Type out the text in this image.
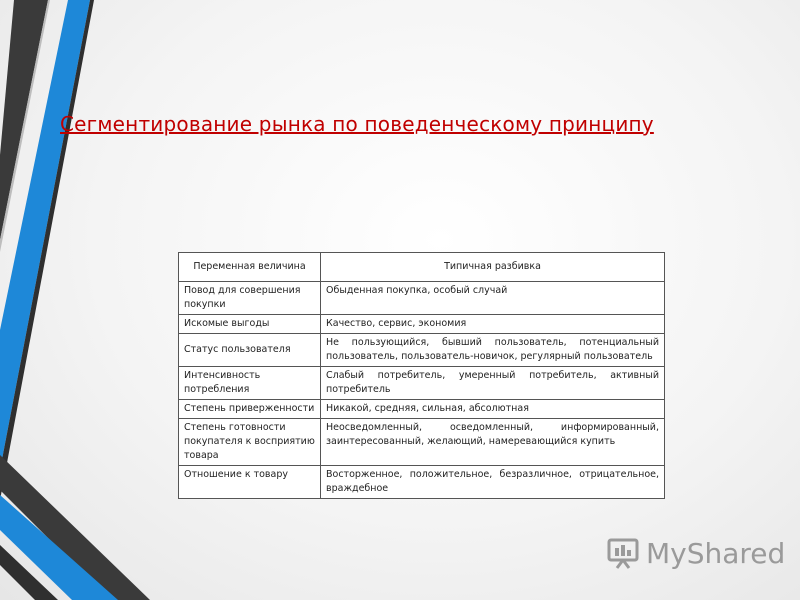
Сегментирование рынка по поведенческому принципу
Переменная величина	Типичная разбивка
Повод для совершения покупки	Обыденная покупка, особый случай
Искомые выгоды	Качество, сервис, экономия
Статус пользователя	Не пользующийся, бывший пользователь, потенциальный пользователь, пользователь-новичок, регулярный пользователь
Интенсивность потребления	Слабый потребитель, умеренный потребитель, активный потребитель
Степень приверженности	Никакой, средняя, сильная, абсолютная
Степень готовности покупателя к восприятию товара	Неосведомленный, осведомленный, информированный, заинтересованный, желающий, намеревающийся купить
Отношение к товару	Восторженное, положительное, безразличное, отрицательное, враждебное
MyShared
